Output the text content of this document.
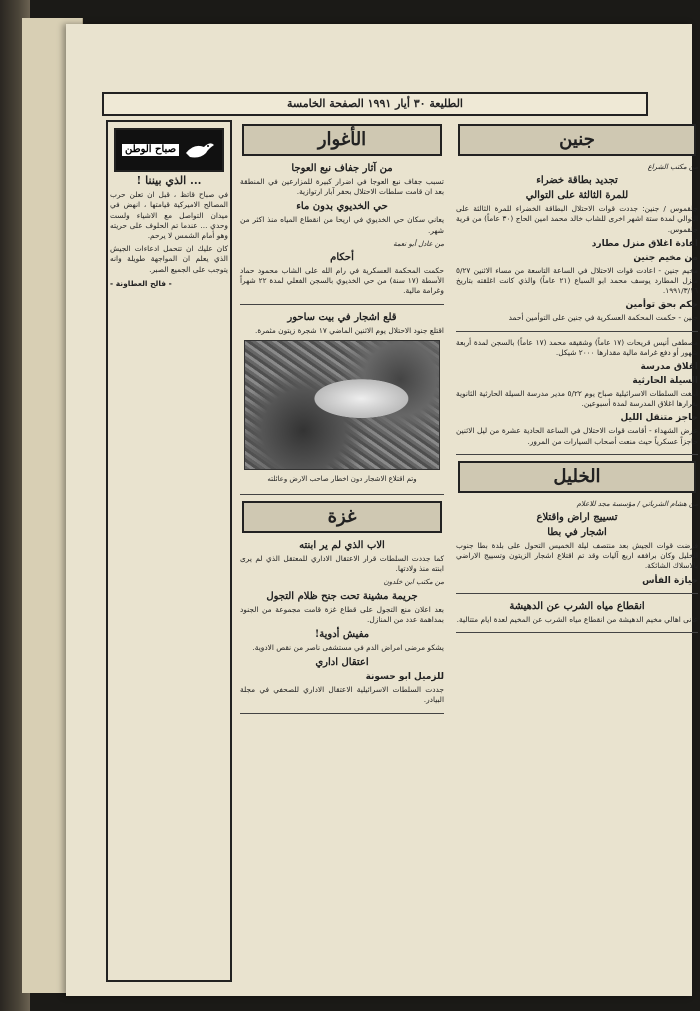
الطليعة ٣٠ أيار ١٩٩١ الصفحة الخامسة
جنين
من مكتب الشراع
تجديد بطاقة خضراء
للمرة الثالثة على التوالي

جلقموس / جنين: جددت قوات الاحتلال البطاقة الخضراء للمرة الثالثة على التوالي لمدة ستة اشهر اخرى للشاب خالد محمد امين الحاج (٣٠ عاماً) من قرية جلقموس.

اعادة اغلاق منزل مطارد
من مخيم جنين

مخيم جنين - اعادت قوات الاحتلال في الساعة التاسعة من مساء الاثنين ٥/٢٧ منزل المطارد يوسف محمد ابو السباع (٢١ عاماً) والذي كانت اغلقته بتاريخ ١٩٩١/٣/١٦.

حكم بحق توأمين

جنين - حكمت المحكمة العسكرية في جنين على التوأمين أحمد

مصطفى أنيس قريحات (١٧ عاماً) وشقيقه محمد (١٧ عاماً) بالسجن لمدة أربعة شهور أو دفع غرامة مالية مقدارها ٢٠٠٠ شيكل.

اغلاق مدرسة
السيلة الحارثية

أبلغت السلطات الاسرائيلية صباح يوم ٥/٢٢ مدير مدرسة السيلة الحارثية الثانوية بقرارها اغلاق المدرسة لمدة أسبوعين.

حاجز متنقل الليل

عرض الشهداء - أقامت قوات الاحتلال في الساعة الحادية عشرة من ليل الاثنين حاجزاً عسكرياً حيث منعت أصحاب السيارات من المرور.

الخليل
من هشام الشرباتي / مؤسسة مجد للاعلام
تسييج اراض واقتلاع
اشجار في بطا

فرضت قوات الجيش بعد منتصف ليلة الخميس التحول على بلدة بطا جنوب الخليل وكان برافقه اربع آليات وقد تم اقتلاع اشجار الزيتون وتسييج الاراضي بالاسلاك الشائكة.

حيازة الفأس
انقطاع مياه الشرب عن الدهيشة

عانى اهالي مخيم الدهيشة من انقطاع مياه الشرب عن المخيم لعدة ايام متتالية.

الأغوار
من آثار جفاف نبع العوجا

تسبب جفاف نبع العوجا في اضرار كبيرة للمزارعين في المنطقة بعد ان قامت سلطات الاحتلال بحفر آبار ارتوازية.

حي الخديوي بدون ماء

يعاني سكان حي الخديوي في اريحا من انقطاع المياه منذ اكثر من شهر.

من عادل أبو نعمة
أحكام

حكمت المحكمة العسكرية في رام الله على الشاب محمود حماد الأسطة (١٧ سنة) من حي الخديوي بالسجن الفعلي لمدة ٢٢ شهراً وغرامة مالية.

قلع اشجار في بيت ساحور

اقتلع جنود الاحتلال يوم الاثنين الماضي ١٧ شجرة زيتون مثمرة.

وتم اقتلاع الاشجار دون اخطار صاحب الارض وعائلته
غزة
الاب الذي لم ير ابنته

كما جددت السلطات قرار الاعتقال الاداري للمعتقل الذي لم يرى ابنته منذ ولادتها.

من مكتب ابن خلدون
جريمة مشينة تحت جنح ظلام التجول

بعد اعلان منع التجول على قطاع غزة قامت مجموعة من الجنود بمداهمة عدد من المنازل.

مفيش أدوية!

يشكو مرضى امراض الدم في مستشفى ناصر من نقص الادوية.

اعتقال اداري
للزميل ابو حسونة

جددت السلطات الاسرائيلية الاعتقال الاداري للصحفي في مجلة البيادر.

صباح الوطن
... الذي بيننا !

في صباح قاتظ ، قبل ان تعلن حرب المصالح الاميركية قيامتها ، انهض في ميدان التواصل مع الاشياء ولست وحدي ... عندما تم الحلوف على حريته وهو أمام الشمس لا يرحم.

كان عليك ان تتحمل ادعاءات الجيش الذي يعلم ان المواجهة طويلة وانه يتوجب على الجميع الصبر.

- فالح العطاونة -
